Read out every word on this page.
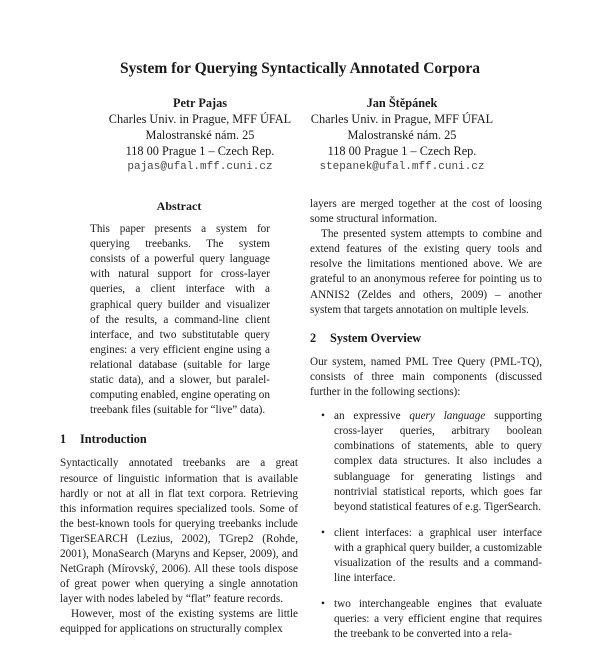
System for Querying Syntactically Annotated Corpora
Petr Pajas
Charles Univ. in Prague, MFF ÚFAL
Malostranské nám. 25
118 00 Prague 1 – Czech Rep.
pajas@ufal.mff.cuni.cz
Jan Štěpánek
Charles Univ. in Prague, MFF ÚFAL
Malostranské nám. 25
118 00 Prague 1 – Czech Rep.
stepanek@ufal.mff.cuni.cz
Abstract

This paper presents a system for querying treebanks. The system consists of a powerful query language with natural support for cross-layer queries, a client interface with a graphical query builder and visualizer of the results, a command-line client interface, and two substitutable query engines: a very efficient engine using a relational database (suitable for large static data), and a slower, but paralel-computing enabled, engine operating on treebank files (suitable for “live” data).

1 Introduction

Syntactically annotated treebanks are a great resource of linguistic information that is available hardly or not at all in flat text corpora. Retrieving this information requires specialized tools. Some of the best-known tools for querying treebanks include TigerSEARCH (Lezius, 2002), TGrep2 (Rohde, 2001), MonaSearch (Maryns and Kepser, 2009), and NetGraph (Mírovský, 2006). All these tools dispose of great power when querying a single annotation layer with nodes labeled by “flat” feature records.

However, most of the existing systems are little equipped for applications on structurally complex

layers are merged together at the cost of loosing some structural information.

The presented system attempts to combine and extend features of the existing query tools and resolve the limitations mentioned above. We are grateful to an anonymous referee for pointing us to ANNIS2 (Zeldes and others, 2009) – another system that targets annotation on multiple levels.

2 System Overview

Our system, named PML Tree Query (PML-TQ), consists of three main components (discussed further in the following sections):

• an expressive query language supporting cross-layer queries, arbitrary boolean combinations of statements, able to query complex data structures. It also includes a sublanguage for generating listings and nontrivial statistical reports, which goes far beyond statistical features of e.g. TigerSearch.
• client interfaces: a graphical user interface with a graphical query builder, a customizable visualization of the results and a command-line interface.
• two interchangeable engines that evaluate queries: a very efficient engine that requires the treebank to be converted into a rela-
